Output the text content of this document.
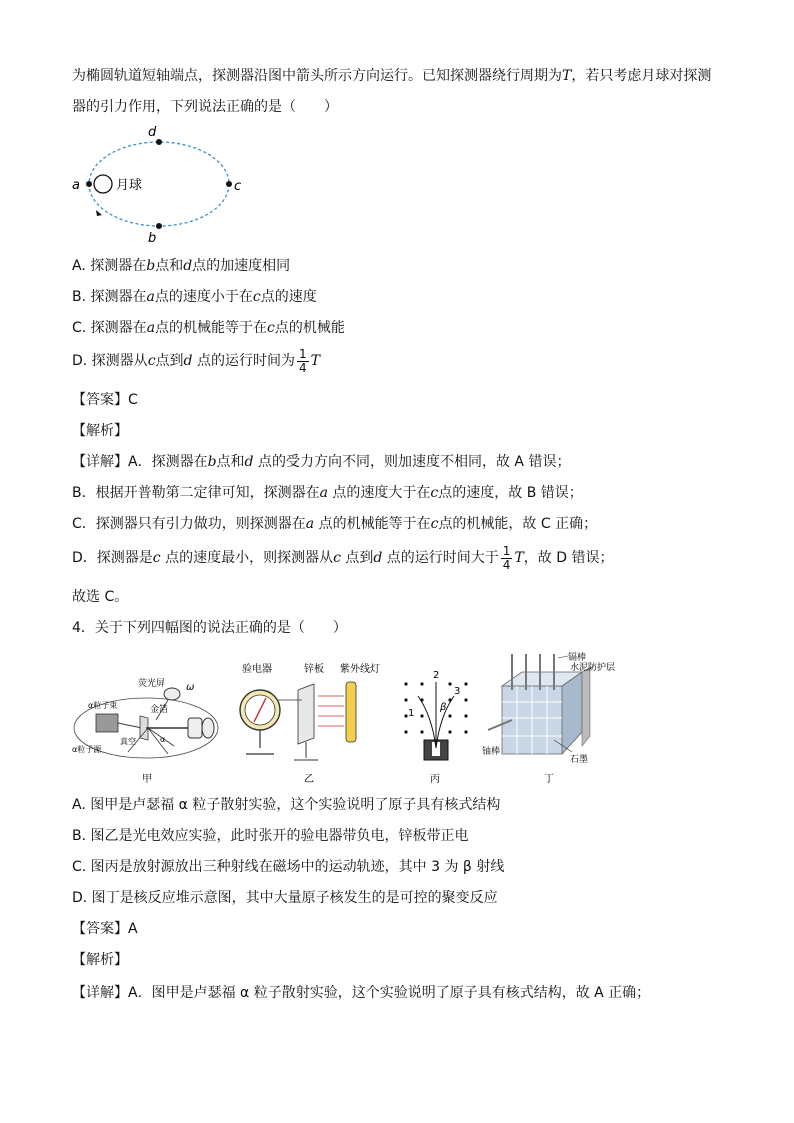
为椭圆轨道短轴端点，探测器沿图中箭头所示方向运行。已知探测器绕行周期为T，若只考虑月球对探测
器的引力作用，下列说法正确的是（　　）
a
b
c
d
月球
A. 探测器在b点和d点的加速度相同
B. 探测器在a点的速度小于在c点的速度
C. 探测器在a点的机械能等于在c点的机械能
D. 探测器从c点到d 点的运行时间为 $\frac{1}{4}$ T
【答案】C
【解析】
【详解】A．探测器在b点和d 点的受力方向不同，则加速度不相同，故 A 错误；
B．根据开普勒第二定律可知，探测器在a 点的速度大于在c点的速度，故 B 错误；
C．探测器只有引力做功，则探测器在a 点的机械能等于在c点的机械能，故 C 正确；
D．探测器是c 点的速度最小，则探测器从c 点到d 点的运行时间大于 $\frac{1}{4}$ T，故 D 错误；
故选 C。
4．关于下列四幅图的说法正确的是（　　）
荧光屏 ω
金箔
α粒子束
真空
α粒子源
α
甲
验电器	锌板 紫外线灯
乙
1
2
3
β
丙
镉棒
水泥防护层
铀棒
石墨
丁
A. 图甲是卢瑟福 α 粒子散射实验，这个实验说明了原子具有核式结构
B. 图乙是光电效应实验，此时张开的验电器带负电，锌板带正电
C. 图丙是放射源放出三种射线在磁场中的运动轨迹，其中 3 为 β 射线
D. 图丁是核反应堆示意图，其中大量原子核发生的是可控的聚变反应
【答案】A
【解析】
【详解】A．图甲是卢瑟福 α 粒子散射实验，这个实验说明了原子具有核式结构，故 A 正确；
